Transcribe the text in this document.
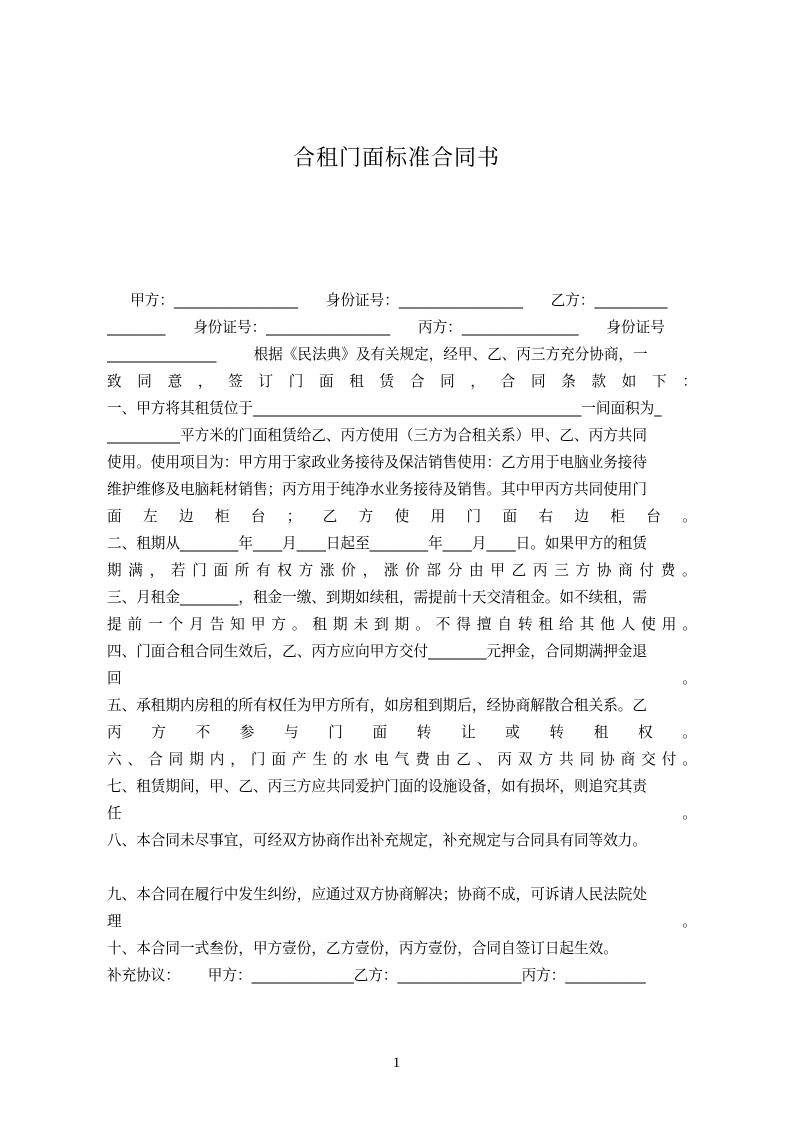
合租门面标准合同书
甲方：_________________      身份证号：_________________      乙方：__________
________      身份证号：_________________      丙方：________________      身份证号
_______________        根据《民法典》及有关规定，经甲、乙、丙三方充分协商，一
致 同 意 ， 签 订 门 面 租 赁 合 同 ， 合 同 条 款 如 下 ：
一、甲方将其租赁位于_____________________________________________一间面积为_
__________平方米的门面租赁给乙、丙方使用（三方为合租关系）甲、乙、丙方共同
使用。使用项目为：甲方用于家政业务接待及保洁销售使用：乙方用于电脑业务接待
维护维修及电脑耗材销售；丙方用于纯净水业务接待及销售。其中甲丙方共同使用门
面 左 边 柜 台 ； 乙 方 使 用 门 面 右 边 柜 台 。
二、租期从________年____月____日起至________年____月____日。如果甲方的租赁
期 满 ， 若 门 面 所 有 权 方 涨 价 ， 涨 价 部 分 由 甲 乙 丙 三 方 协 商 付 费 。
三、月租金________，租金一缴、到期如续租，需提前十天交清租金。如不续租，需
提 前 一 个 月 告 知 甲 方 。 租 期 未 到 期 。 不 得 擅 自 转 租 给 其 他 人 使 用 。
四、门面合租合同生效后，乙、丙方应向甲方交付________元押金，合同期满押金退
回	。
五、承租期内房租的所有权任为甲方所有，如房租到期后，经协商解散合租关系。乙
丙 方 不 参 与 门 面 转 让 或 转 租 权 。
六 、 合 同 期 内 ， 门 面 产 生 的 水 电 气 费 由 乙 、 丙 双 方 共 同 协 商 交 付 。
七、租赁期间，甲、乙、丙三方应共同爱护门面的设施设备，如有损坏，则追究其责
任	。
八、本合同未尽事宜，可经双方协商作出补充规定，补充规定与合同具有同等效力。
九、本合同在履行中发生纠纷，应通过双方协商解决；协商不成，可诉请人民法院处
理	。
十、本合同一式叁份，甲方壹份，乙方壹份，丙方壹份，合同自签订日起生效。
补充协议：      甲方：______________乙方：_________________丙方：___________
1
